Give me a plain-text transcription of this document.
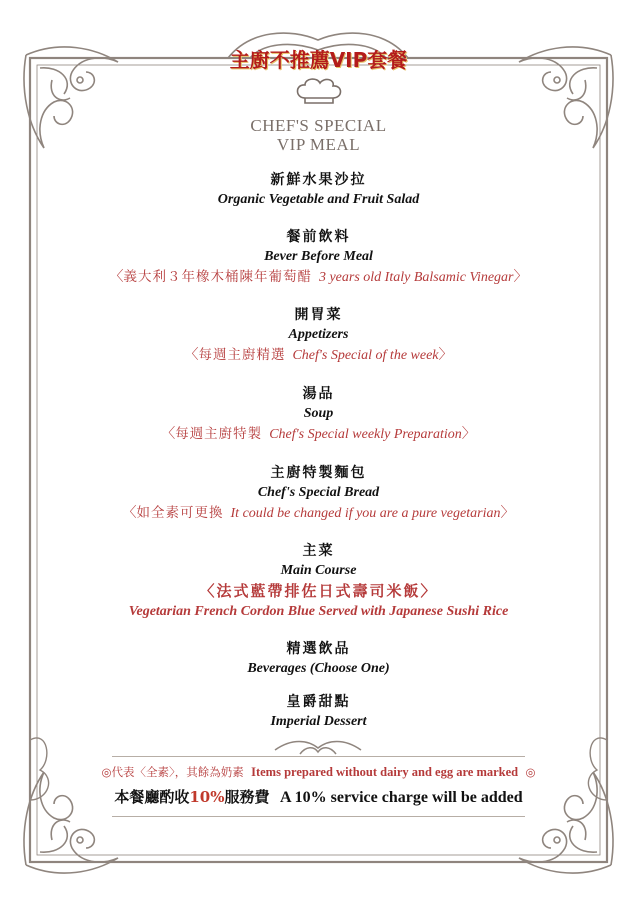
主廚不推薦VIP套餐
CHEF'S SPECIAL
VIP MEAL
新鮮水果沙拉
Organic Vegetable and Fruit Salad
餐前飲料
Bever Before Meal
〈義大利３年橡木桶陳年葡萄醋 3 years old Italy Balsamic Vinegar〉
開胃菜
Appetizers
〈每週主廚精選 Chef's Special of the week〉
湯品
Soup
〈每週主廚特製 Chef's Special weekly Preparation〉
主廚特製麵包
Chef's Special Bread
〈如全素可更換 It could be changed if you are a pure vegetarian〉
主菜
Main Course
〈法式藍帶排佐日式壽司米飯〉
Vegetarian French Cordon Blue Served with Japanese Sushi Rice
精選飲品
Beverages (Choose One)
皇爵甜點
Imperial Dessert
◎代表〈全素〉，其餘為奶素 Items prepared without dairy and egg are marked ◎
本餐廳酌收10%服務費 A 10% service charge will be added
